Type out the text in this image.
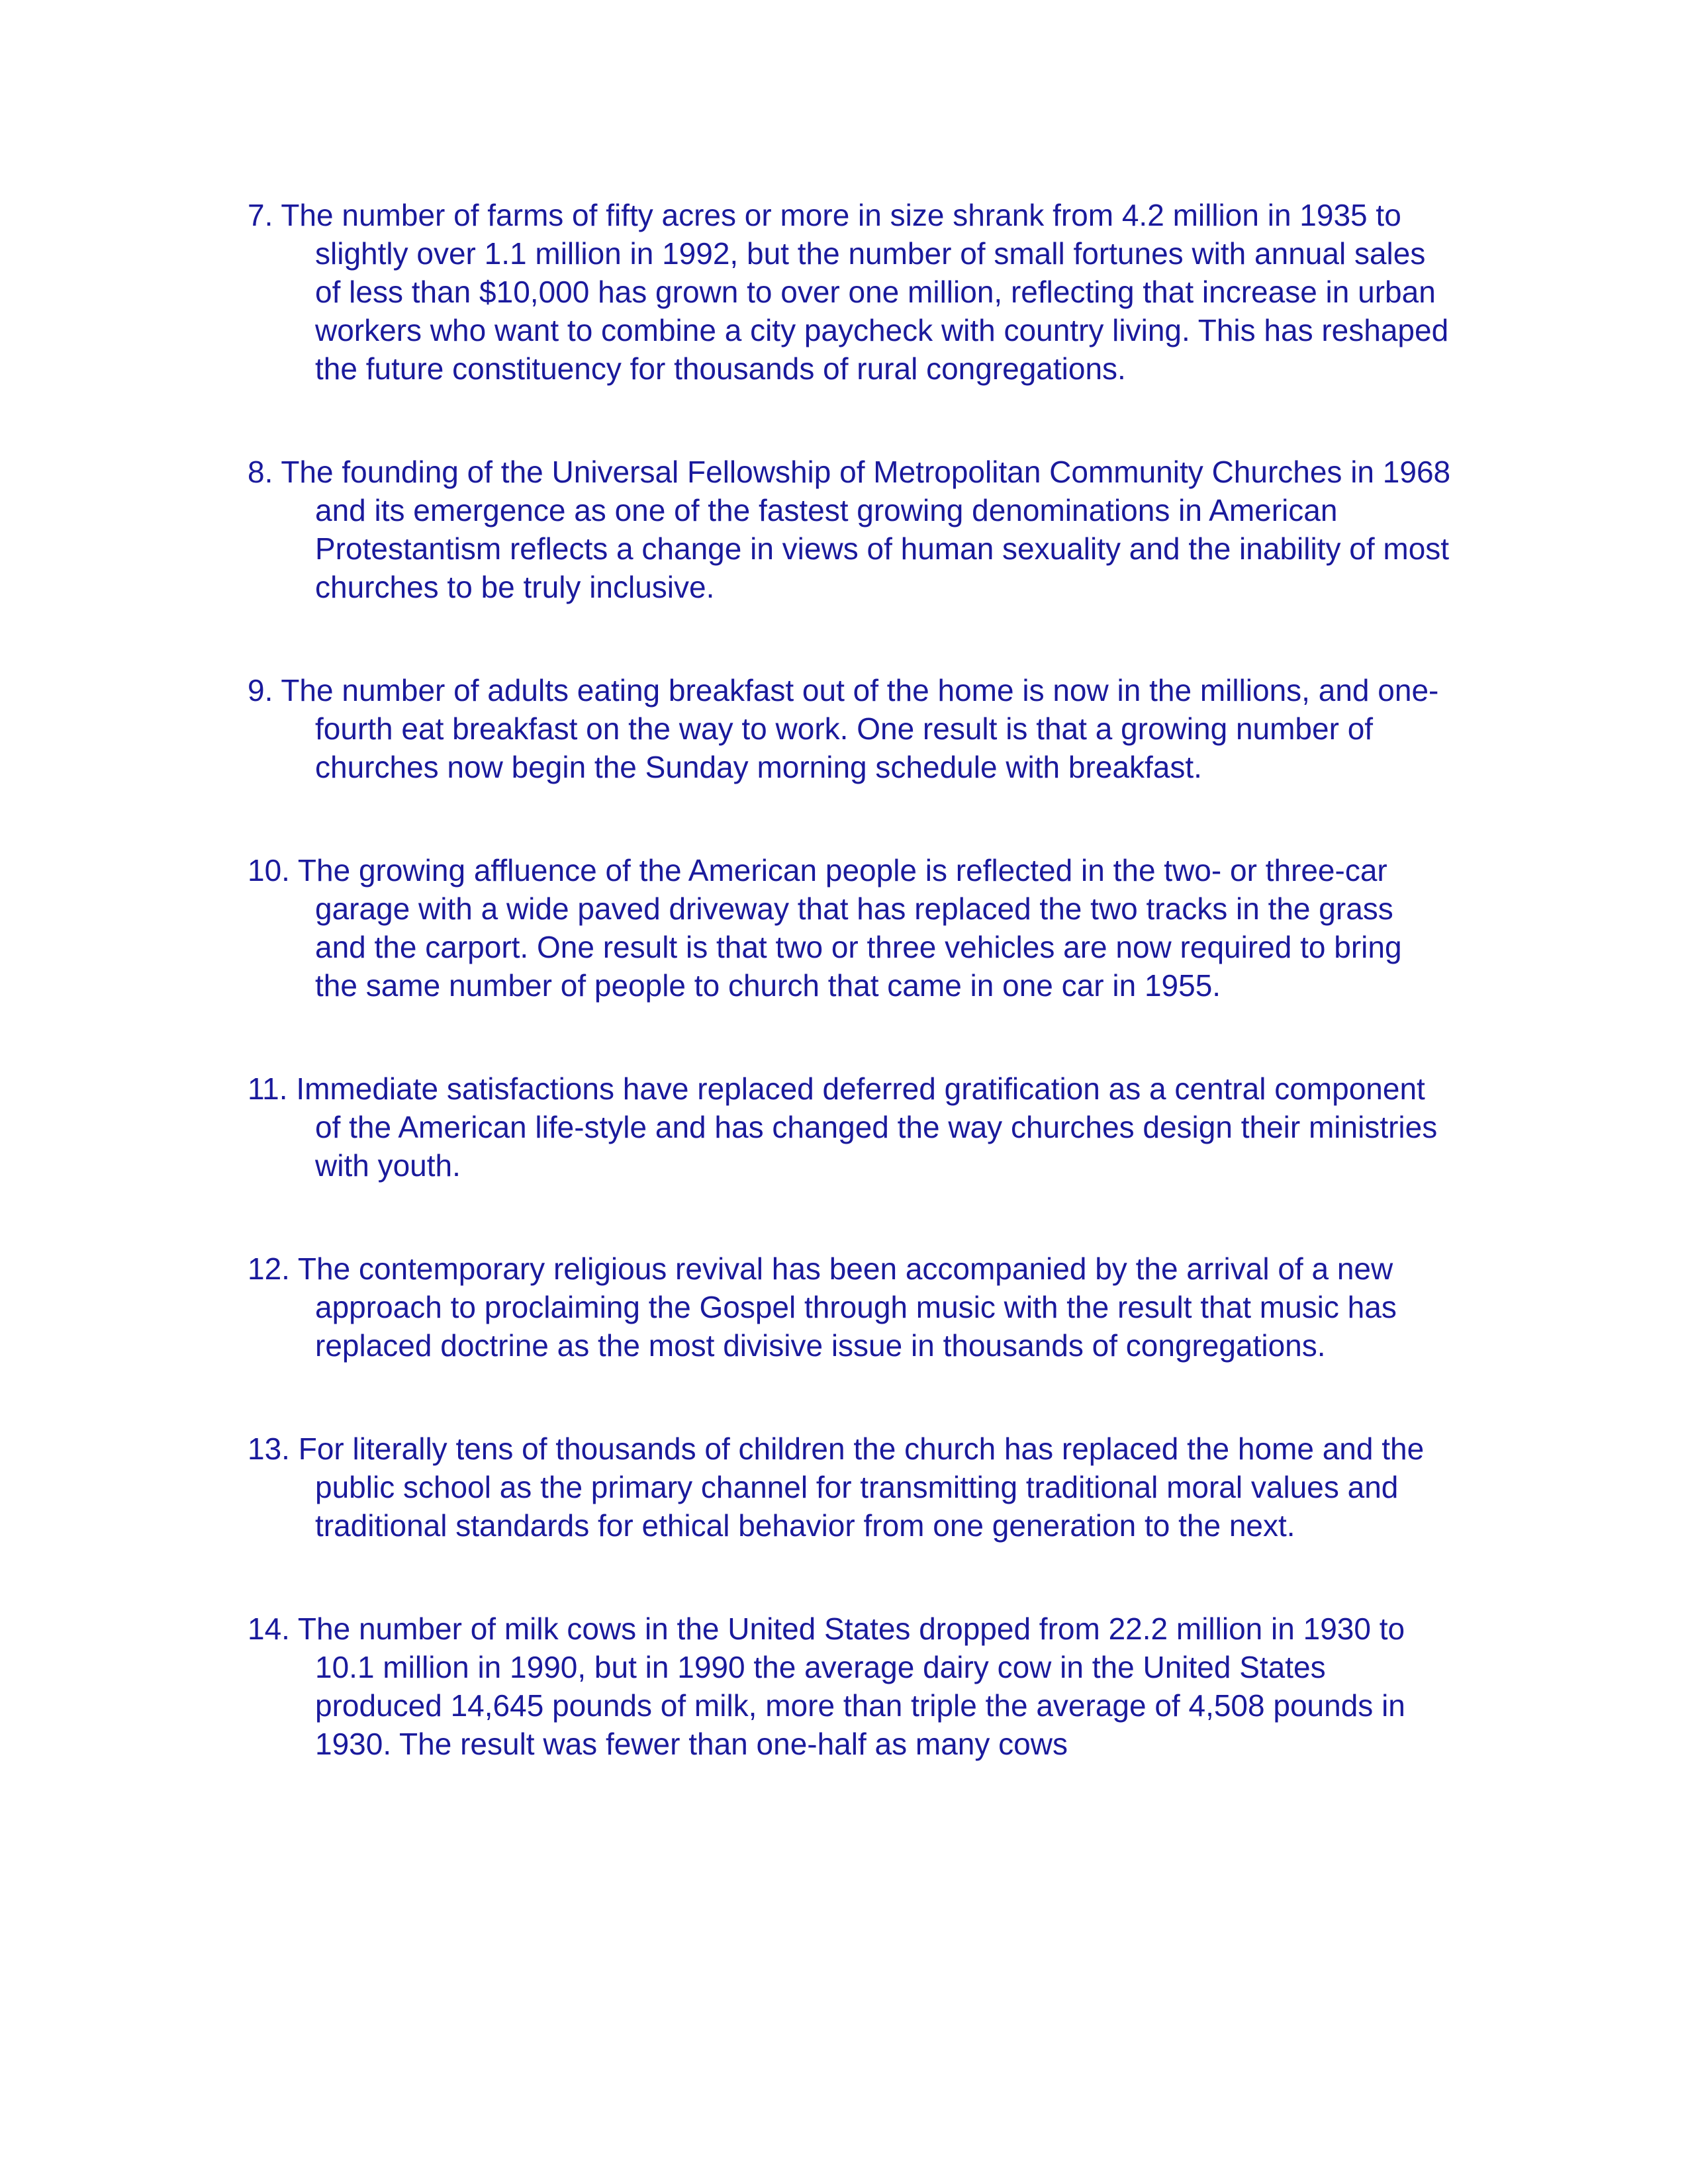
7. The number of farms of fifty acres or more in size shrank from 4.2 million in 1935 to slightly over 1.1 million in 1992, but the number of small fortunes with annual sales of less than $10,000 has grown to over one million, reflecting that increase in urban workers who want to combine a city paycheck with country living. This has reshaped the future constituency for thousands of rural congregations.

8. The founding of the Universal Fellowship of Metropolitan Community Churches in 1968 and its emergence as one of the fastest growing denominations in American Protestantism reflects a change in views of human sexuality and the inability of most churches to be truly inclusive.

9. The number of adults eating breakfast out of the home is now in the millions, and one-fourth eat breakfast on the way to work. One result is that a growing number of churches now begin the Sunday morning schedule with breakfast.

10. The growing affluence of the American people is reflected in the two- or three-car garage with a wide paved driveway that has replaced the two tracks in the grass and the carport. One result is that two or three vehicles are now required to bring the same number of people to church that came in one car in 1955.

11. Immediate satisfactions have replaced deferred gratification as a central component of the American life-style and has changed the way churches design their ministries with youth.

12. The contemporary religious revival has been accompanied by the arrival of a new approach to proclaiming the Gospel through music with the result that music has replaced doctrine as the most divisive issue in thousands of congregations.

13. For literally tens of thousands of children the church has replaced the home and the public school as the primary channel for transmitting traditional moral values and traditional standards for ethical behavior from one generation to the next.

14. The number of milk cows in the United States dropped from 22.2 million in 1930 to 10.1 million in 1990, but in 1990 the average dairy cow in the United States produced 14,645 pounds of milk, more than triple the average of 4,508 pounds in 1930. The result was fewer than one-half as many cows
